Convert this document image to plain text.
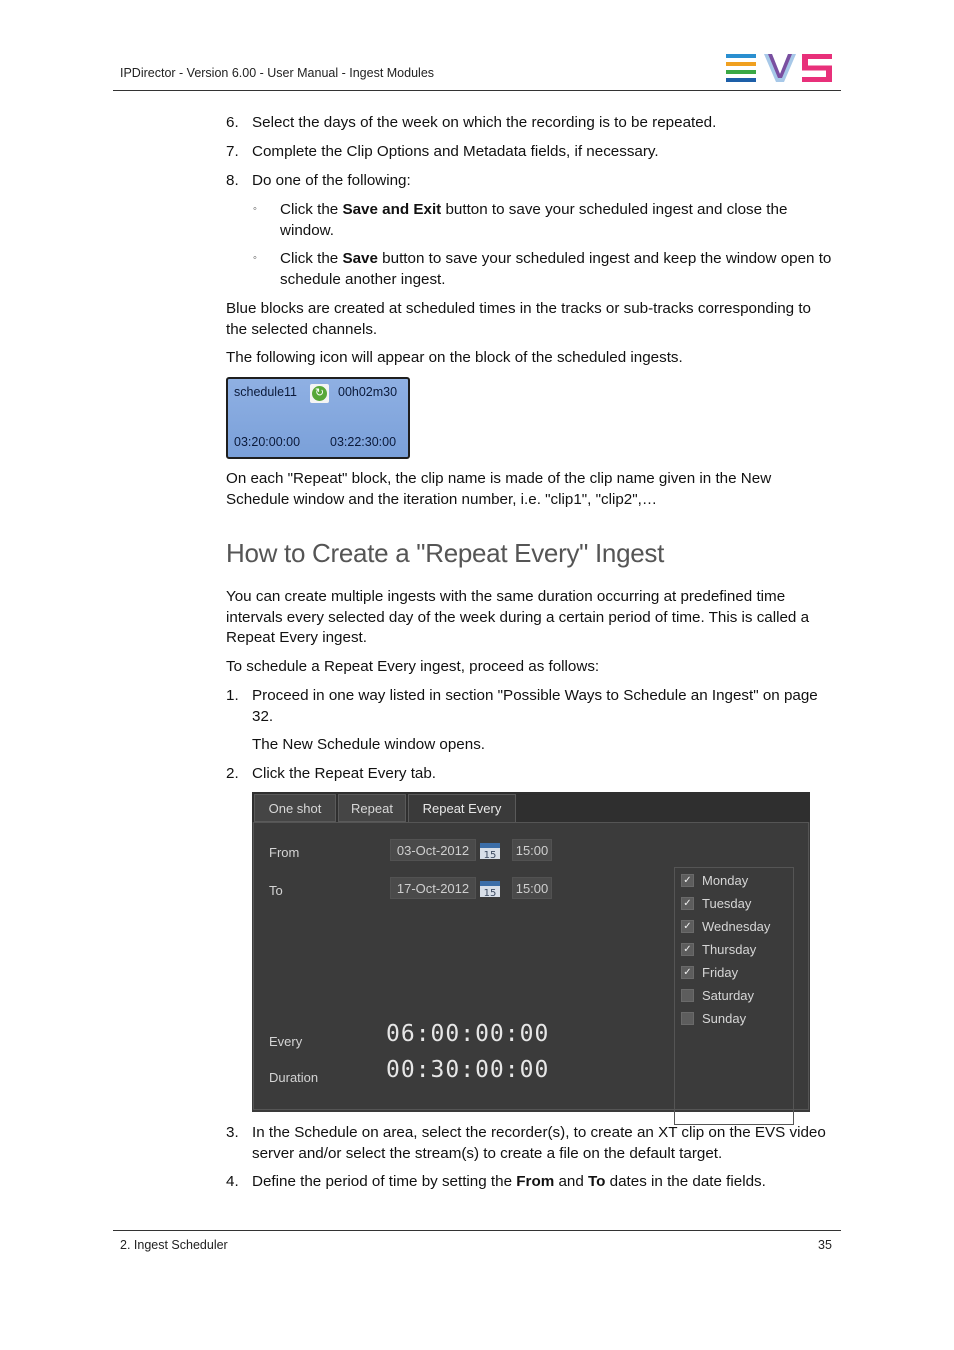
IPDirector - Version 6.00 - User Manual - Ingest Modules
6. Select the days of the week on which the recording is to be repeated.
7. Complete the Clip Options and Metadata fields, if necessary.
8. Do one of the following:
◦ Click the Save and Exit button to save your scheduled ingest and close the
window.
◦ Click the Save button to save your scheduled ingest and keep the window open to
schedule another ingest.
Blue blocks are created at scheduled times in the tracks or sub-tracks corresponding to
the selected channels.
The following icon will appear on the block of the scheduled ingests.
schedule11 ↻ 00h02m30
03:20:00:00 03:22:30:00
On each "Repeat" block, the clip name is made of the clip name given in the New
Schedule window and the iteration number, i.e. "clip1", "clip2",…
How to Create a "Repeat Every" Ingest
You can create multiple ingests with the same duration occurring at predefined time
intervals every selected day of the week during a certain period of time. This is called a
Repeat Every ingest.
To schedule a Repeat Every ingest, proceed as follows:
1. Proceed in one way listed in section "Possible Ways to Schedule an Ingest" on page
32.
The New Schedule window opens.
2. Click the Repeat Every tab.
One shot	Repeat	Repeat Every
From	03-Oct-2012	15 15:00
To	17-Oct-2012	15 15:00
Every	06:00:00:00
Duration	00:30:00:00
✓ Monday
✓ Tuesday
✓ Wednesday
✓ Thursday
✓ Friday
Saturday
Sunday
3. In the Schedule on area, select the recorder(s), to create an XT clip on the EVS video
server and/or select the stream(s) to create a file on the default target.
4. Define the period of time by setting the From and To dates in the date fields.
2. Ingest Scheduler	35
